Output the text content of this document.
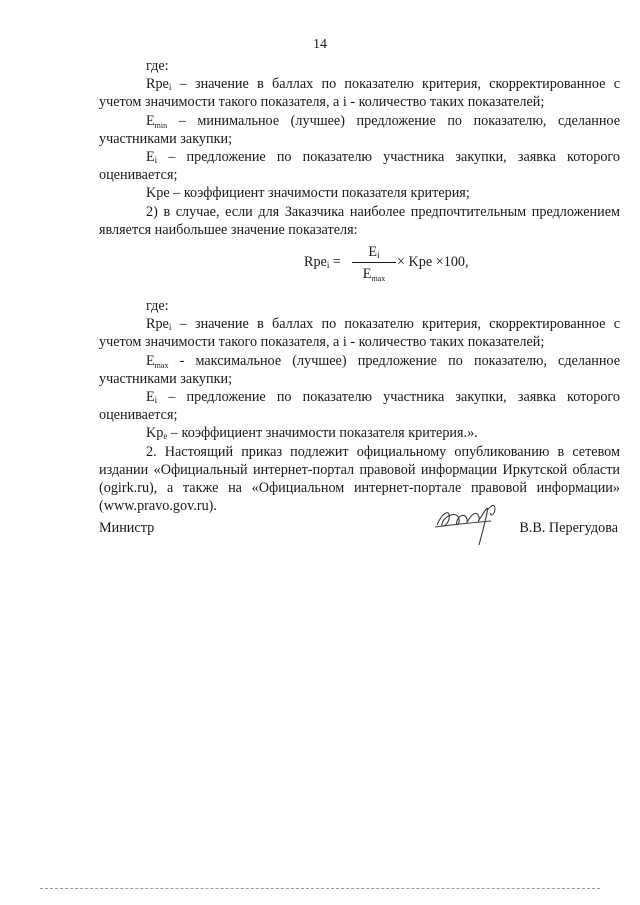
14

где:

Rpe$_i$ – значение в баллах по показателю критерия, скорректированное с учетом значимости такого показателя, а i - количество таких показателей;

$E_{min}$ – минимальное (лучшее) предложение по показателю, сделанное участниками закупки;

$E_i$ – предложение по показателю участника закупки, заявка которого оценивается;

Kpe – коэффициент значимости показателя критерия;

2) в случае, если для Заказчика наиболее предпочтительным предложением является наибольшее значение показателя:

Rpe$_i$ =
$E_i$
$E_{max}$
× Kpe ×100,

где:

Rpe$_i$ – значение в баллах по показателю критерия, скорректированное с учетом значимости такого показателя, а i - количество таких показателей;

$E_{max}$ - максимальное (лучшее) предложение по показателю, сделанное участниками закупки;

$E_i$ – предложение по показателю участника закупки, заявка которого оценивается;

$Kp_e$ – коэффициент значимости показателя критерия.».

2. Настоящий приказ подлежит официальному опубликованию в сетевом издании «Официальный интернет-портал правовой информации Иркутской области (ogirk.ru), а также на «Официальном интернет-портале правовой информации» (www.pravo.gov.ru).

Министр	В.В. Перегудова
